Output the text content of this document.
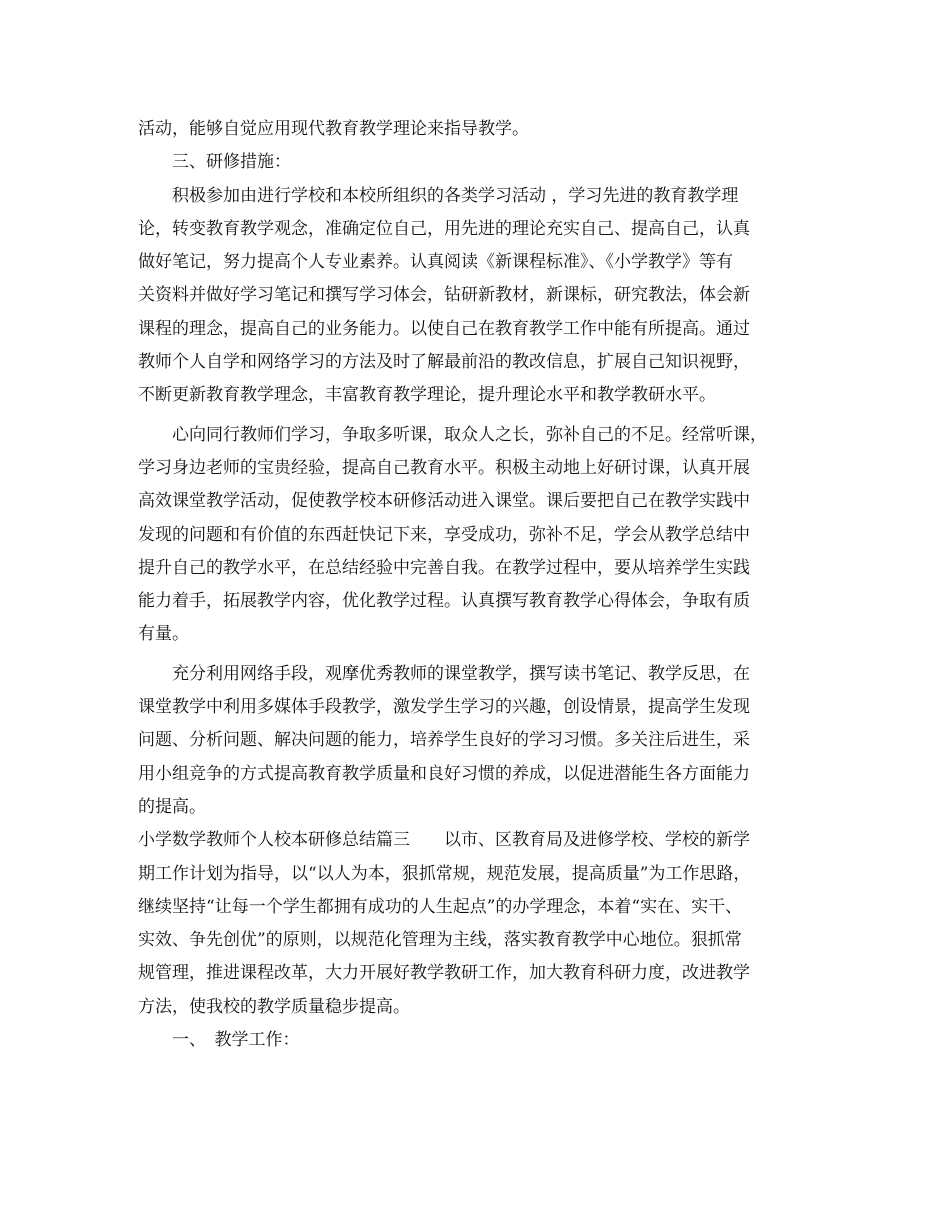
活动，能够自觉应用现代教育教学理论来指导教学。
三、研修措施：
积极参加由进行学校和本校所组织的各类学习活动 ，学习先进的教育教学理
论，转变教育教学观念，准确定位自己，用先进的理论充实自己、提高自己，认真
做好笔记，努力提高个人专业素养。认真阅读《新课程标准》、《小学教学》等有
关资料并做好学习笔记和撰写学习体会，钻研新教材，新课标，研究教法，体会新
课程的理念，提高自己的业务能力。以使自己在教育教学工作中能有所提高。通过
教师个人自学和网络学习的方法及时了解最前沿的教改信息，扩展自己知识视野，
不断更新教育教学理念，丰富教育教学理论，提升理论水平和教学教研水平。
心向同行教师们学习，争取多听课，取众人之长，弥补自己的不足。经常听课，
学习身边老师的宝贵经验，提高自己教育水平。积极主动地上好研讨课，认真开展
高效课堂教学活动，促使教学校本研修活动进入课堂。课后要把自己在教学实践中
发现的问题和有价值的东西赶快记下来，享受成功，弥补不足，学会从教学总结中
提升自己的教学水平，在总结经验中完善自我。在教学过程中，要从培养学生实践
能力着手，拓展教学内容，优化教学过程。认真撰写教育教学心得体会，争取有质
有量。
充分利用网络手段，观摩优秀教师的课堂教学，撰写读书笔记、教学反思，在
课堂教学中利用多媒体手段教学，激发学生学习的兴趣，创设情景，提高学生发现
问题、分析问题、解决问题的能力，培养学生良好的学习习惯。多关注后进生，采
用小组竞争的方式提高教育教学质量和良好习惯的养成，以促进潜能生各方面能力
的提高。
小学数学教师个人校本研修总结篇三 以市、区教育局及进修学校、学校的新学
期工作计划为指导，以“以人为本，狠抓常规，规范发展，提高质量”为工作思路，
继续坚持“让每一个学生都拥有成功的人生起点”的办学理念，本着“实在、实干、
实效、争先创优”的原则，以规范化管理为主线，落实教育教学中心地位。狠抓常
规管理，推进课程改革，大力开展好教学教研工作，加大教育科研力度，改进教学
方法，使我校的教学质量稳步提高。
一、　教学工作：
